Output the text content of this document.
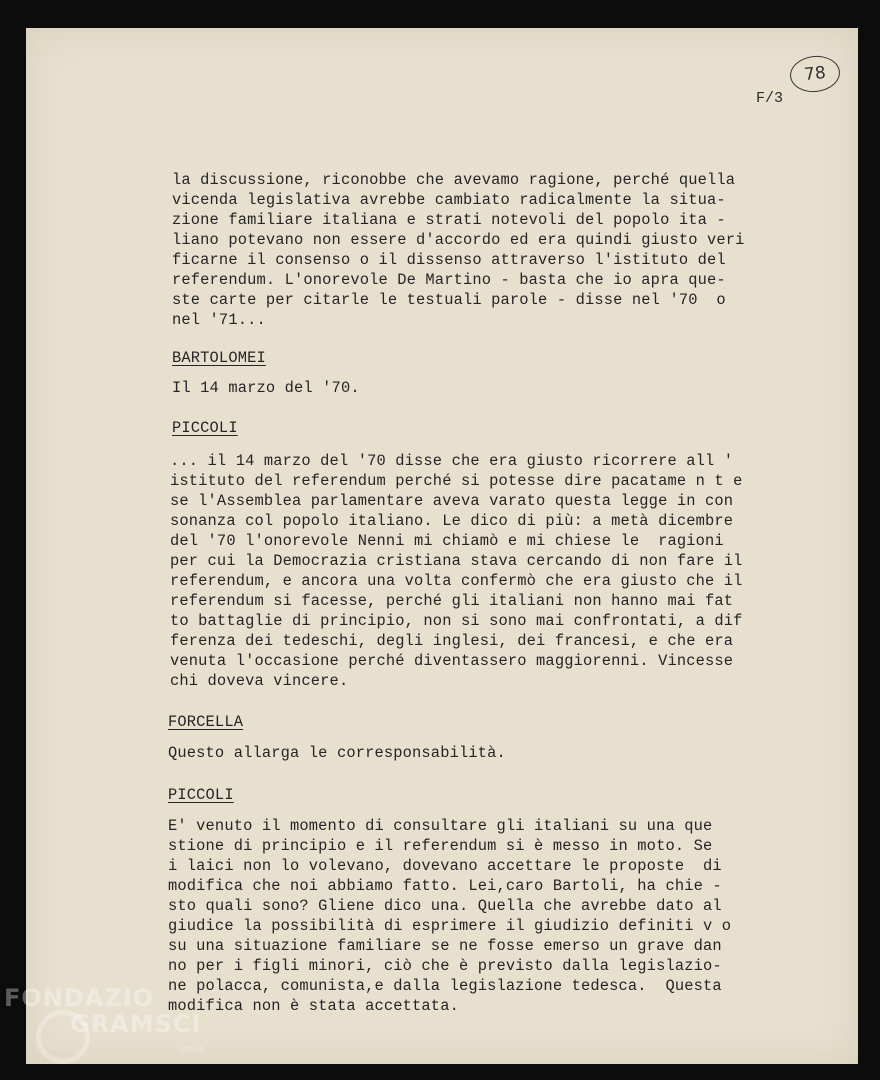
78
F/3
la discussione, riconobbe che avevamo ragione, perché quella
vicenda legislativa avrebbe cambiato radicalmente la situa-
zione familiare italiana e strati notevoli del popolo ita -
liano potevano non essere d'accordo ed era quindi giusto veri
ficarne il consenso o il dissenso attraverso l'istituto del
referendum. L'onorevole De Martino - basta che io apra que-
ste carte per citarle le testuali parole - disse nel '70  o
nel '71...
BARTOLOMEI
Il 14 marzo del '70.
PICCOLI
... il 14 marzo del '70 disse che era giusto ricorrere all '
istituto del referendum perché si potesse dire pacatame n t e
se l'Assemblea parlamentare aveva varato questa legge in con
sonanza col popolo italiano. Le dico di più: a metà dicembre
del '70 l'onorevole Nenni mi chiamò e mi chiese le  ragioni
per cui la Democrazia cristiana stava cercando di non fare il
referendum, e ancora una volta confermò che era giusto che il
referendum si facesse, perché gli italiani non hanno mai fat
to battaglie di principio, non si sono mai confrontati, a dif
ferenza dei tedeschi, degli inglesi, dei francesi, e che era
venuta l'occasione perché diventassero maggiorenni. Vincesse
chi doveva vincere.
FORCELLA
Questo allarga le corresponsabilità.
PICCOLI
E' venuto il momento di consultare gli italiani su una que
stione di principio e il referendum si è messo in moto. Se
i laici non lo volevano, dovevano accettare le proposte  di
modifica che noi abbiamo fatto. Lei,caro Bartoli, ha chie -
sto quali sono? Gliene dico una. Quella che avrebbe dato al
giudice la possibilità di esprimere il giudizio definiti v o
su una situazione familiare se ne fosse emerso un grave dan
no per i figli minori, ciò che è previsto dalla legislazio-
ne polacca, comunista,e dalla legislazione tedesca.  Questa
modifica non è stata accettata.
FONDAZIO
GRAMSCI
onlus
